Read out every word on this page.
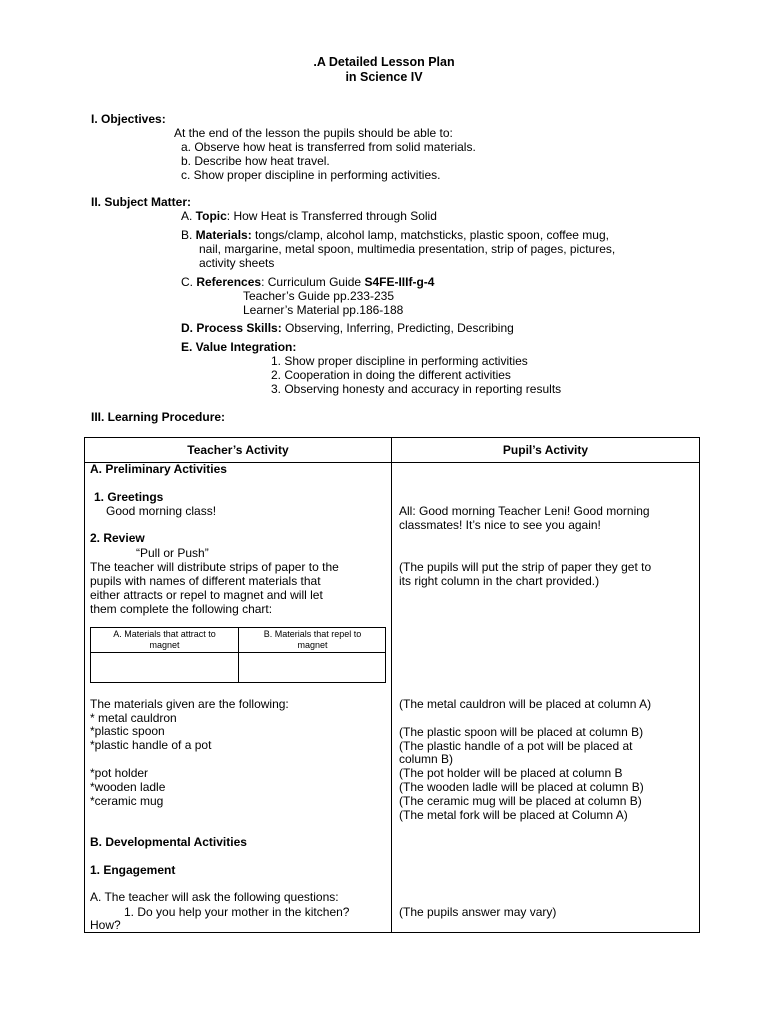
.A Detailed Lesson Plan
in Science IV
I. Objectives:
At the end of the lesson the pupils should be able to:
a. Observe how heat is transferred from solid materials.
b. Describe how heat travel.
c. Show proper discipline in performing activities.
II. Subject Matter:
A. Topic: How Heat is Transferred through Solid
B. Materials: tongs/clamp, alcohol lamp, matchsticks, plastic spoon, coffee mug,
nail, margarine, metal spoon, multimedia presentation, strip of pages, pictures,
activity sheets
C. References: Curriculum Guide S4FE-IIIf-g-4
Teacher’s Guide pp.233-235
Learner’s Material pp.186-188
D. Process Skills: Observing, Inferring, Predicting, Describing
E. Value Integration:
1. Show proper discipline in performing activities
2. Cooperation in doing the different activities
3. Observing honesty and accuracy in reporting results
III. Learning Procedure:
Teacher’s Activity	Pupil’s Activity
A. Preliminary Activities
1. Greetings
Good morning class!
2. Review
“Pull or Push”
The teacher will distribute strips of paper to the
pupils with names of different materials that
either attracts or repel to magnet and will let
them complete the following chart:
A. Materials that attract to
magnet
B. Materials that repel to
magnet
The materials given are the following:
* metal cauldron
*plastic spoon
*plastic handle of a pot
*pot holder
*wooden ladle
*ceramic mug
B. Developmental Activities
1. Engagement
A. The teacher will ask the following questions:
1. Do you help your mother in the kitchen?
How?
All: Good morning Teacher Leni! Good morning
classmates! It’s nice to see you again!
(The pupils will put the strip of paper they get to
its right column in the chart provided.)
(The metal cauldron will be placed at column A)
(The plastic spoon will be placed at column B)
(The plastic handle of a pot will be placed at
column B)
(The pot holder will be placed at column B
(The wooden ladle will be placed at column B)
(The ceramic mug will be placed at column B)
(The metal fork will be placed at Column A)
(The pupils answer may vary)
